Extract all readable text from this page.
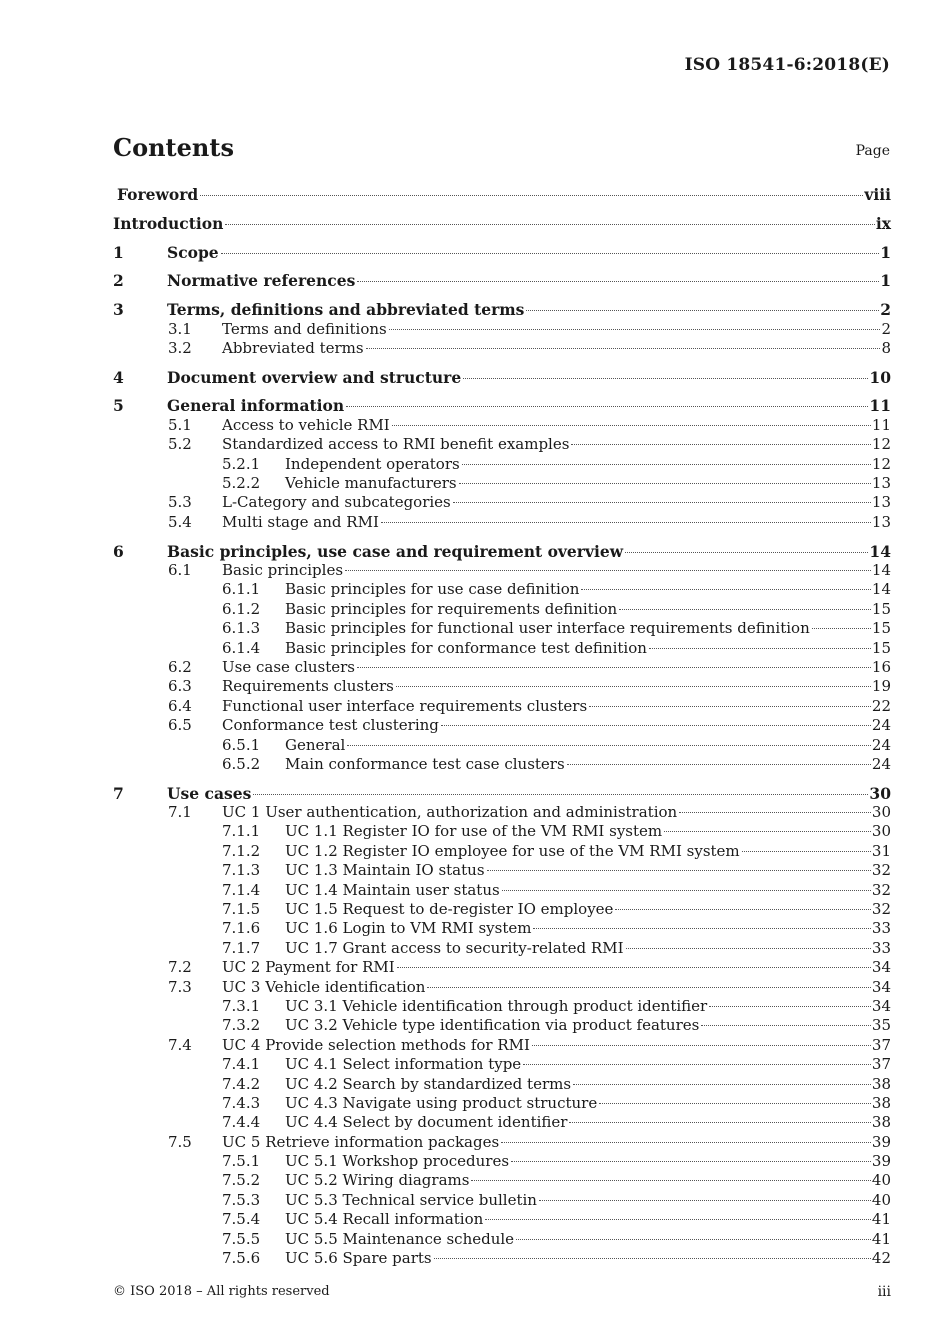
ISO 18541-6:2018(E)
Contents	Page
Foreword	viii
Introduction	ix
1	Scope	1
2	Normative references	1
3	Terms, definitions and abbreviated terms	2
3.1 Terms and definitions	2
3.2 Abbreviated terms	8
4	Document overview and structure	10
5	General information	11
5.1 Access to vehicle RMI	11
5.2 Standardized access to RMI benefit examples	12
5.2.1 Independent operators	12
5.2.2 Vehicle manufacturers	13
5.3 L-Category and subcategories	13
5.4 Multi stage and RMI	13
6	Basic principles, use case and requirement overview	14
6.1 Basic principles	14
6.1.1 Basic principles for use case definition	14
6.1.2 Basic principles for requirements definition	15
6.1.3 Basic principles for functional user interface requirements definition	15
6.1.4 Basic principles for conformance test definition	15
6.2 Use case clusters	16
6.3 Requirements clusters	19
6.4 Functional user interface requirements clusters	22
6.5 Conformance test clustering	24
6.5.1 General	24
6.5.2 Main conformance test case clusters	24
7	Use cases	30
7.1 UC 1 User authentication, authorization and administration	30
7.1.1 UC 1.1 Register IO for use of the VM RMI system	30
7.1.2 UC 1.2 Register IO employee for use of the VM RMI system	31
7.1.3 UC 1.3 Maintain IO status	32
7.1.4 UC 1.4 Maintain user status	32
7.1.5 UC 1.5 Request to de-register IO employee	32
7.1.6 UC 1.6 Login to VM RMI system	33
7.1.7 UC 1.7 Grant access to security-related RMI	33
7.2 UC 2 Payment for RMI	34
7.3 UC 3 Vehicle identification	34
7.3.1 UC 3.1 Vehicle identification through product identifier	34
7.3.2 UC 3.2 Vehicle type identification via product features	35
7.4 UC 4 Provide selection methods for RMI	37
7.4.1 UC 4.1 Select information type	37
7.4.2 UC 4.2 Search by standardized terms	38
7.4.3 UC 4.3 Navigate using product structure	38
7.4.4 UC 4.4 Select by document identifier	38
7.5 UC 5 Retrieve information packages	39
7.5.1 UC 5.1 Workshop procedures	39
7.5.2 UC 5.2 Wiring diagrams	40
7.5.3 UC 5.3 Technical service bulletin	40
7.5.4 UC 5.4 Recall information	41
7.5.5 UC 5.5 Maintenance schedule	41
7.5.6 UC 5.6 Spare parts	42
© ISO 2018 – All rights reserved	iii
